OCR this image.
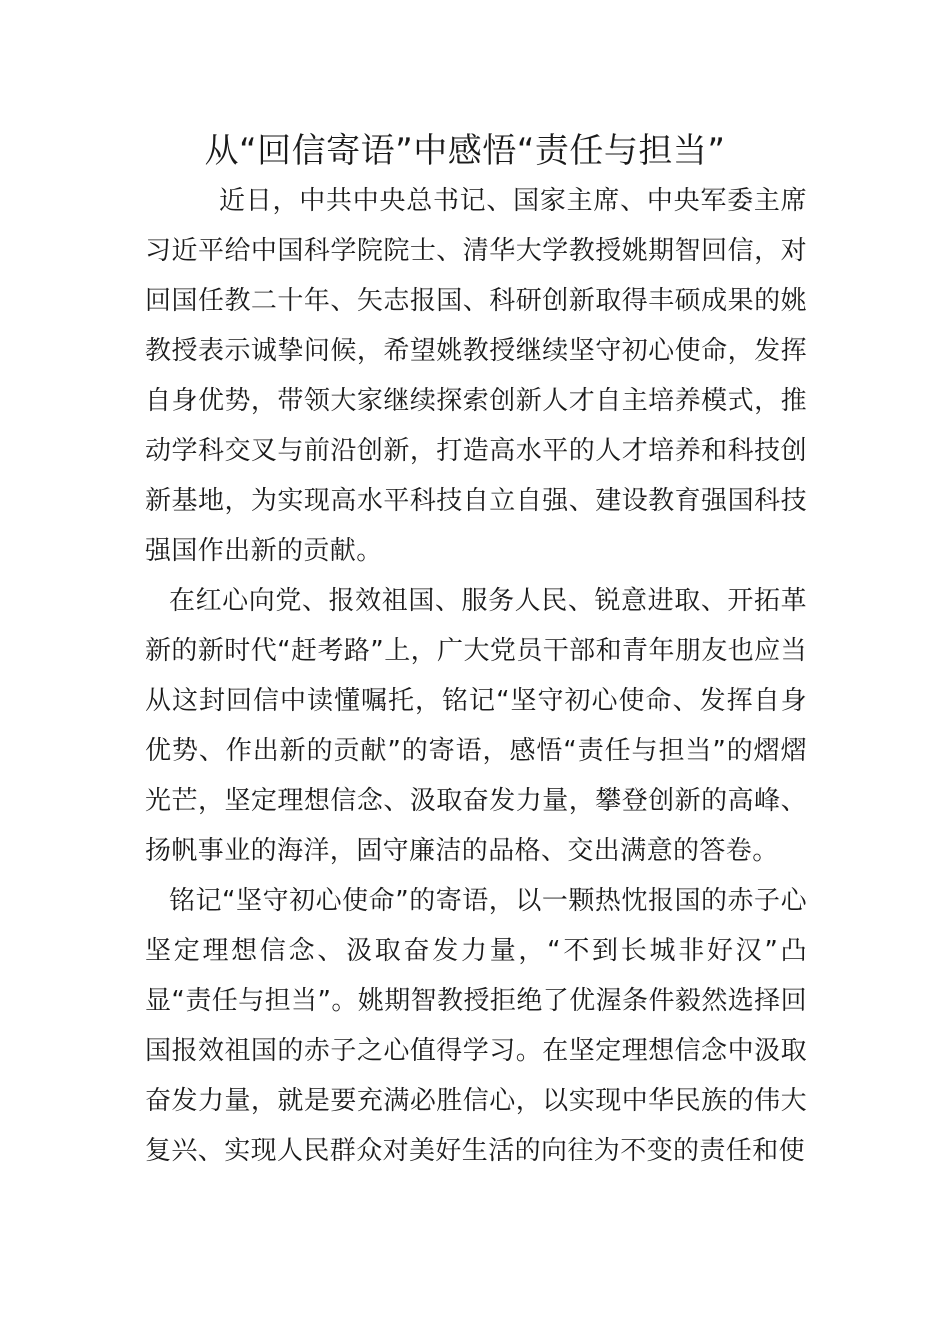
从“回信寄语”中感悟“责任与担当”

近日，中共中央总书记、国家主席、中央军委主席习近平给中国科学院院士、清华大学教授姚期智回信，对回国任教二十年、矢志报国、科研创新取得丰硕成果的姚教授表示诚挚问候，希望姚教授继续坚守初心使命，发挥自身优势，带领大家继续探索创新人才自主培养模式，推动学科交叉与前沿创新，打造高水平的人才培养和科技创新基地，为实现高水平科技自立自强、建设教育强国科技强国作出新的贡献。

在红心向党、报效祖国、服务人民、锐意进取、开拓革新的新时代“赶考路”上，广大党员干部和青年朋友也应当从这封回信中读懂嘱托，铭记“坚守初心使命、发挥自身优势、作出新的贡献”的寄语，感悟“责任与担当”的熠熠光芒，坚定理想信念、汲取奋发力量，攀登创新的高峰、扬帆事业的海洋，固守廉洁的品格、交出满意的答卷。

铭记“坚守初心使命”的寄语，以一颗热忱报国的赤子心坚定理想信念、汲取奋发力量，“不到长城非好汉”凸显“责任与担当”。姚期智教授拒绝了优渥条件毅然选择回国报效祖国的赤子之心值得学习。在坚定理想信念中汲取奋发力量，就是要充满必胜信心，以实现中华民族的伟大复兴、实现人民群众对美好生活的向往为不变的责任和使
